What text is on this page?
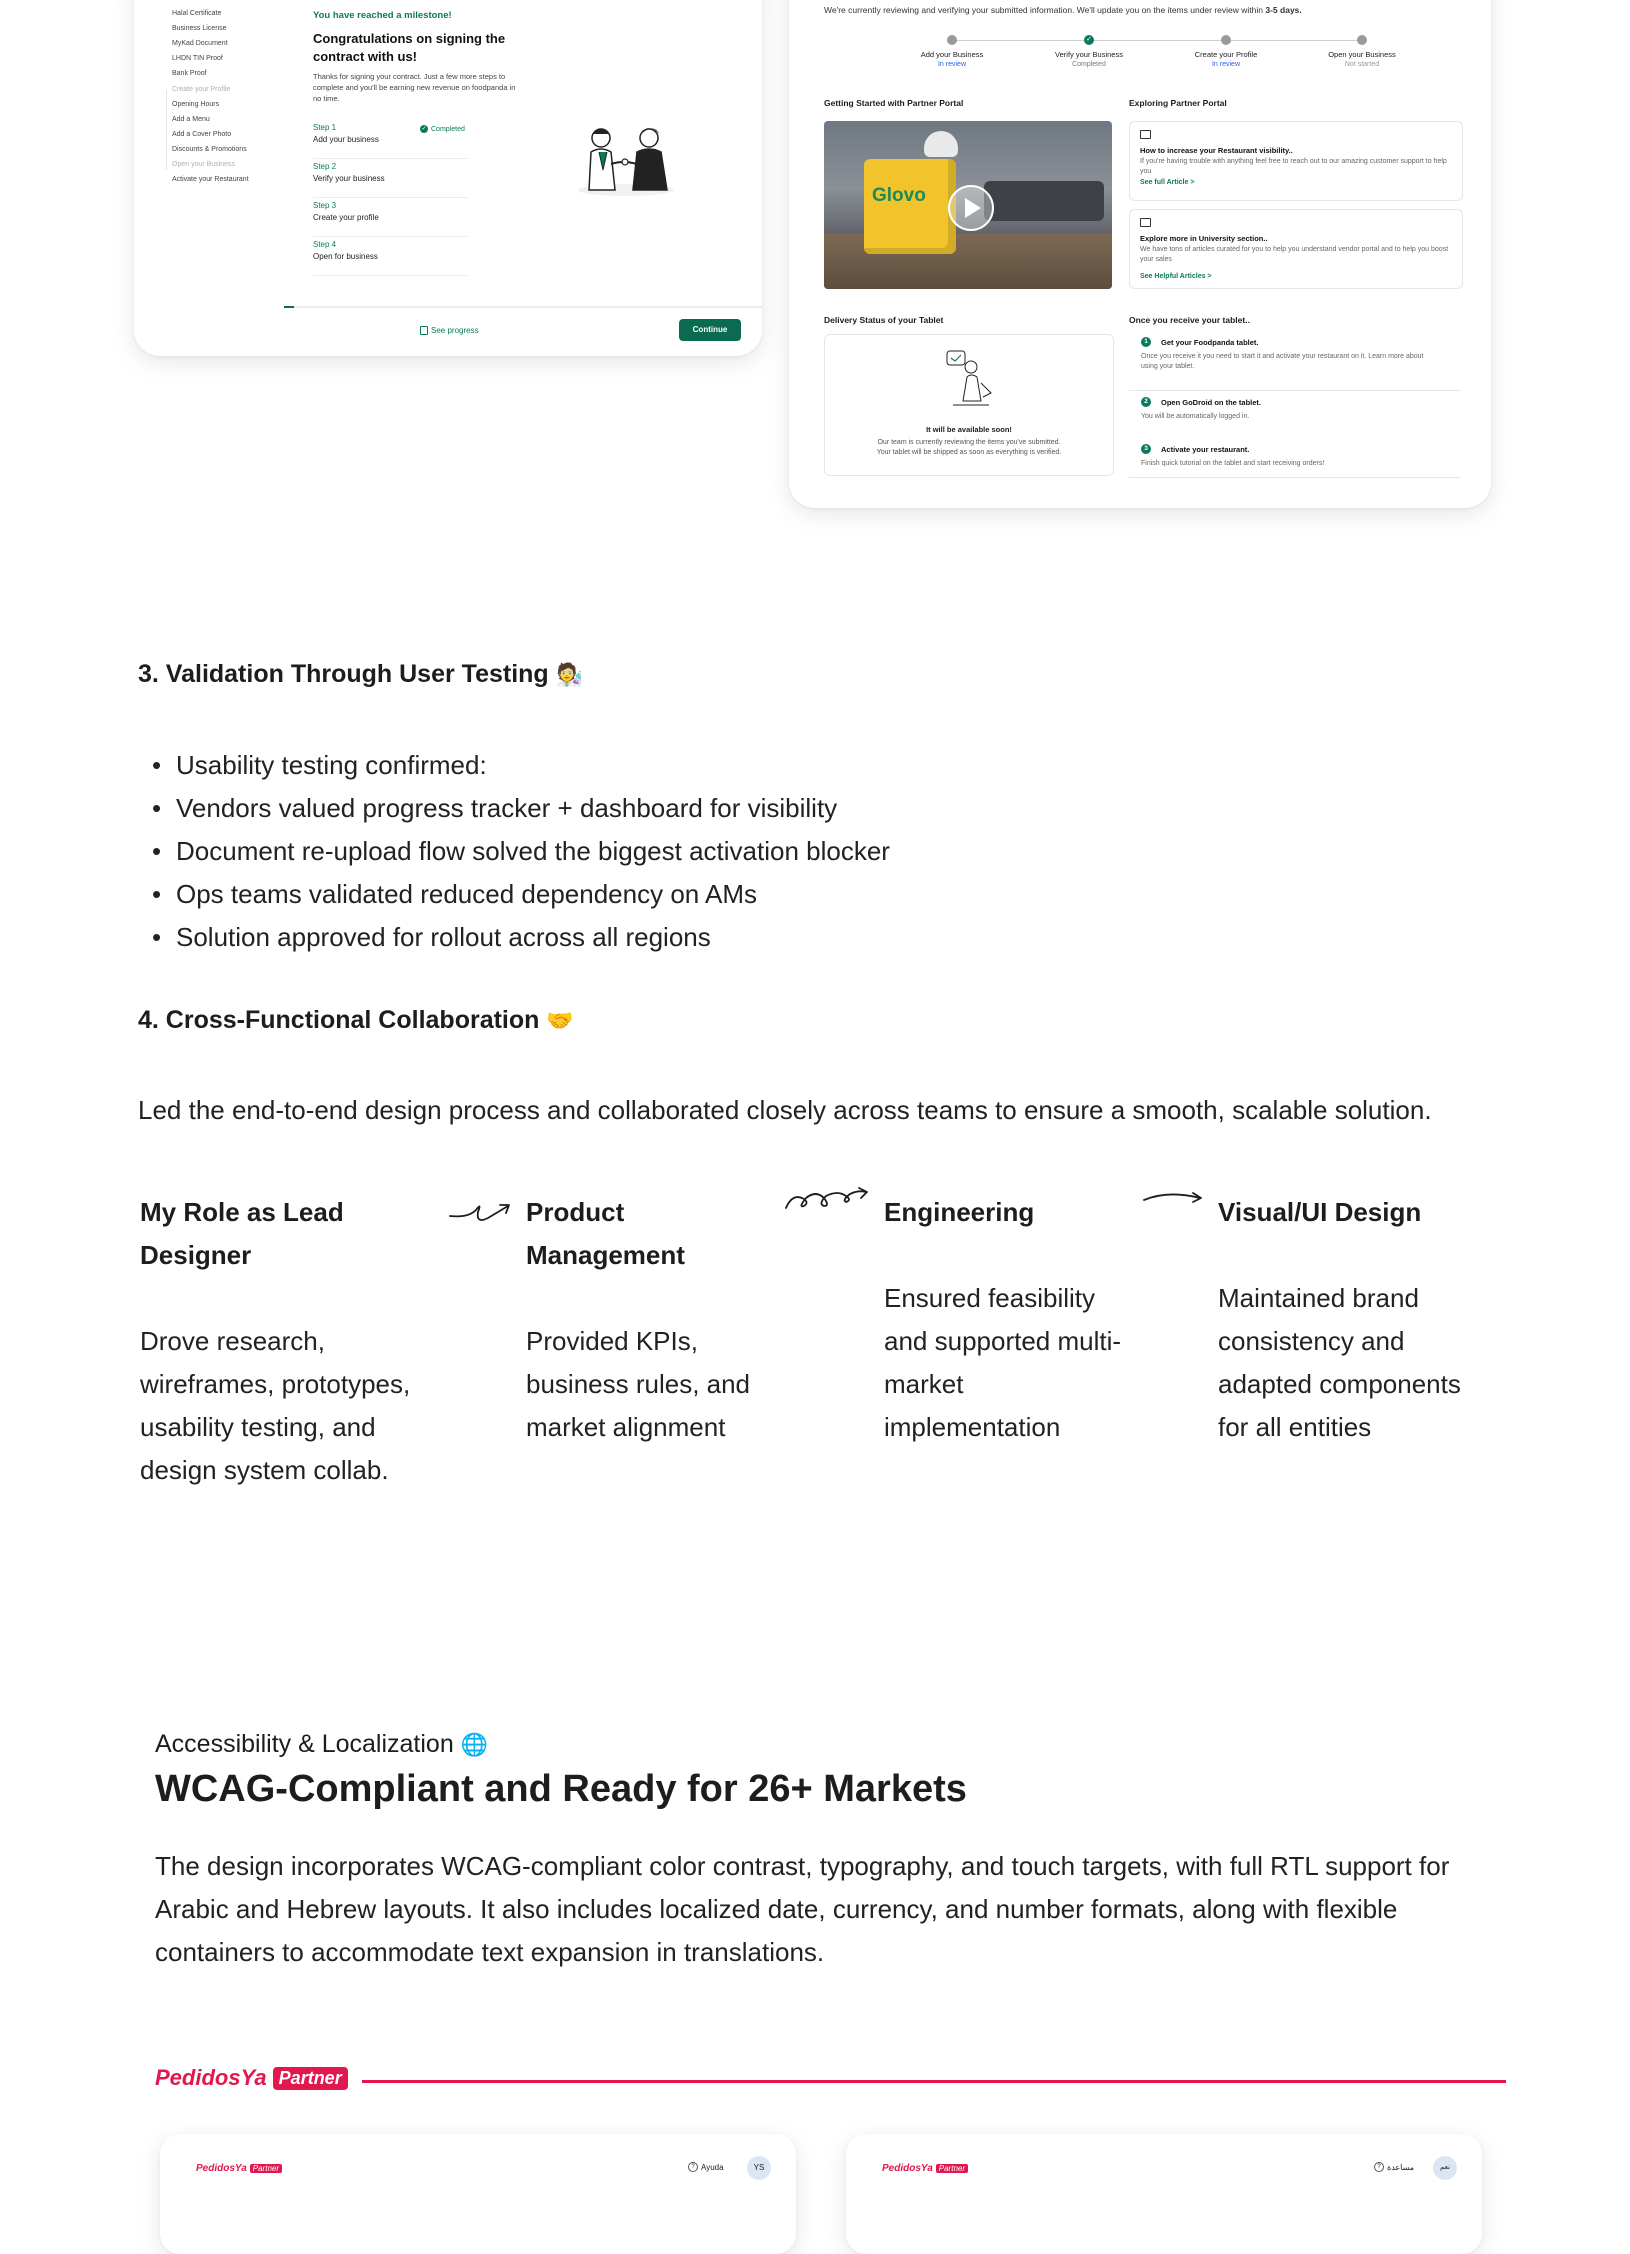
Halal Certificate
Business License
MyKad Document
LHDN TIN Proof
Bank Proof
Create your Profile
Opening Hours
Add a Menu
Add a Cover Photo
Discounts & Promotions
Open your Business
Activate your Restaurant
You have reached a milestone!
Congratulations on signing the contract with us!
Thanks for signing your contract. Just a few more steps to complete and you'll be earning new revenue on foodpanda in no time.
Step 1
Add your business
Step 2
Verify your business
Step 3
Create your profile
Step 4
Open for business
✓ Completed
See progress	Continue
We're currently reviewing and verifying your submitted information. We'll update you on the items under review within 3-5 days.
Add your Business
In review
✓
Verify your Business
Completed
Create your Profile
In review
Open your Business
Not started
Getting Started with Partner Portal
Glovo
Exploring Partner Portal
How to increase your Restaurant visibility..
If you're having trouble with anything feel free to reach out to our amazing customer support to help you
See full Article >
Explore more in University section..
We have tons of articles curated for you to help you understand vendor portal and to help you boost your sales
See Helpful Articles >
Delivery Status of your Tablet
It will be available soon!
Our team is currently reviewing the items you've submitted. Your tablet will be shipped as soon as everything is verified.
Once you receive your tablet..
1	Get your Foodpanda tablet.
Once you receive it you need to start it and activate your restaurant on it. Learn more about using your tablet.
2	Open GoDroid on the tablet.
You will be automatically logged in.
3	Activate your restaurant.
Finish quick tutorial on the tablet and start receiving orders!
3. Validation Through User Testing 🧑‍🔬
• Usability testing confirmed:
• Vendors valued progress tracker + dashboard for visibility
• Document re-upload flow solved the biggest activation blocker
• Ops teams validated reduced dependency on AMs
• Solution approved for rollout across all regions
4. Cross-Functional Collaboration 🤝
Led the end-to-end design process and collaborated closely across teams to ensure a smooth, scalable solution.
My Role as Lead Designer
Drove research, wireframes, prototypes, usability testing, and design system collab.
Product Management
Provided KPIs, business rules, and market alignment
Engineering
Ensured feasibility and supported multi-market implementation
Visual/UI Design
Maintained brand consistency and adapted components for all entities
Accessibility & Localization 🌐
WCAG-Compliant and Ready for 26+ Markets
The design incorporates WCAG-compliant color contrast, typography, and touch targets, with full RTL support for Arabic and Hebrew layouts. It also includes localized date, currency, and number formats, along with flexible containers to accommodate text expansion in translations.
PedidosYa Partner
PedidosYa Partner	? Ayuda	YS	PedidosYa Partner	? مساعدة	نعم
